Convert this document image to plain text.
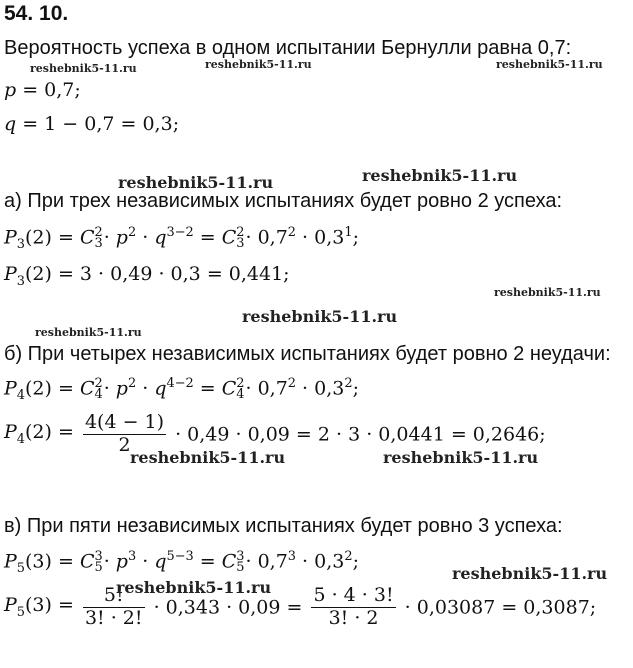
54. 10.
Вероятность успеха в одном испытании Бернулли равна 0,7:
p = 0,7;
q = 1 − 0,7 = 0,3;
а) При трех независимых испытаниях будет ровно 2 успеха:
$P_3(2) = C$ 2
$3 \cdot p^2 \cdot q^{3-2} = C$ 2
$3 \cdot 0,7^2 \cdot 0,3^1$;
$P_3(2) = 3 \cdot 0,49 \cdot 0,3 = 0,441$;
б) При четырех независимых испытаниях будет ровно 2 неудачи:
$P_4(2) = C$ 2
$4 \cdot p^2 \cdot q^{4-2} = C$ 2
$4 \cdot 0,7^2 \cdot 0,3^2$;
$P_4(2) = \frac{4(4 - 1)}{2} \cdot 0,49 \cdot 0,09 = 2 \cdot 3 \cdot 0,0441 = 0,2646$;
в) При пяти независимых испытаниях будет ровно 3 успеха:
$P_5(3) = C$ 3
$5 \cdot p^3 \cdot q^{5-3} = C$ 3
$5 \cdot 0,7^3 \cdot 0,3^2$;
$P_5(3) = \frac{5!}{3! \cdot 2!} \cdot 0,343 \cdot 0,09 = \frac{5 \cdot 4 \cdot 3!}{3! \cdot 2} \cdot 0,03087 = 0,3087$;
reshebnik5-11.ru	reshebnik5-11.ru	reshebnik5-11.ru
reshebnik5-11.ru	reshebnik5-11.ru
reshebnik5-11.ru
reshebnik5-11.ru
reshebnik5-11.ru
reshebnik5-11.ru	reshebnik5-11.ru
reshebnik5-11.ru
reshebnik5-11.ru
